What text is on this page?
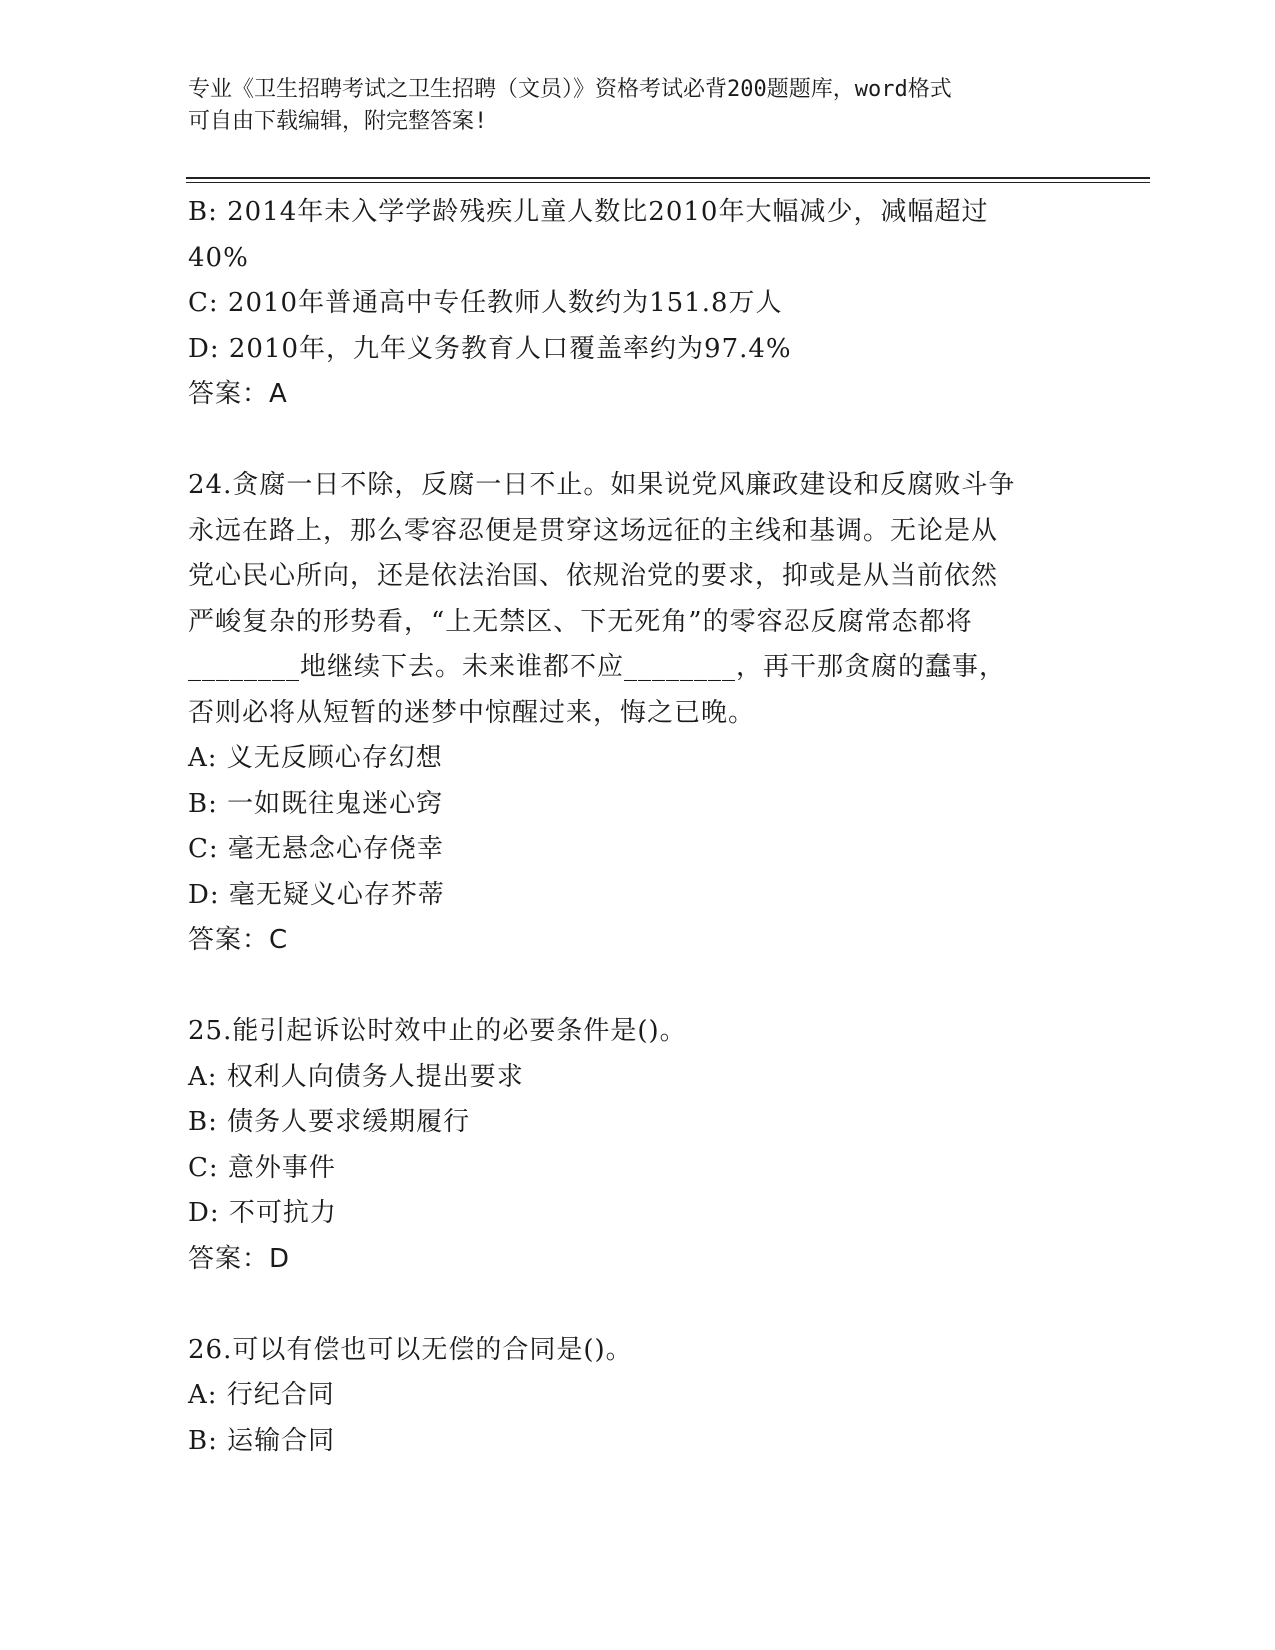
专业《卫生招聘考试之卫生招聘（文员）》资格考试必背200题题库，word格式
可自由下载编辑，附完整答案!
B: 2014年未入学学龄残疾儿童人数比2010年大幅减少，减幅超过
40%
C: 2010年普通高中专任教师人数约为151.8万人
D: 2010年，九年义务教育人口覆盖率约为97.4%
答案：A
24.贪腐一日不除，反腐一日不止。如果说党风廉政建设和反腐败斗争
永远在路上，那么零容忍便是贯穿这场远征的主线和基调。无论是从
党心民心所向，还是依法治国、依规治党的要求，抑或是从当前依然
严峻复杂的形势看，“上无禁区、下无死角”的零容忍反腐常态都将
________地继续下去。未来谁都不应________，再干那贪腐的蠢事，
否则必将从短暂的迷梦中惊醒过来，悔之已晚。
A: 义无反顾心存幻想
B: 一如既往鬼迷心窍
C: 毫无悬念心存侥幸
D: 毫无疑义心存芥蒂
答案：C
25.能引起诉讼时效中止的必要条件是()。
A: 权利人向债务人提出要求
B: 债务人要求缓期履行
C: 意外事件
D: 不可抗力
答案：D
26.可以有偿也可以无偿的合同是()。
A: 行纪合同
B: 运输合同
